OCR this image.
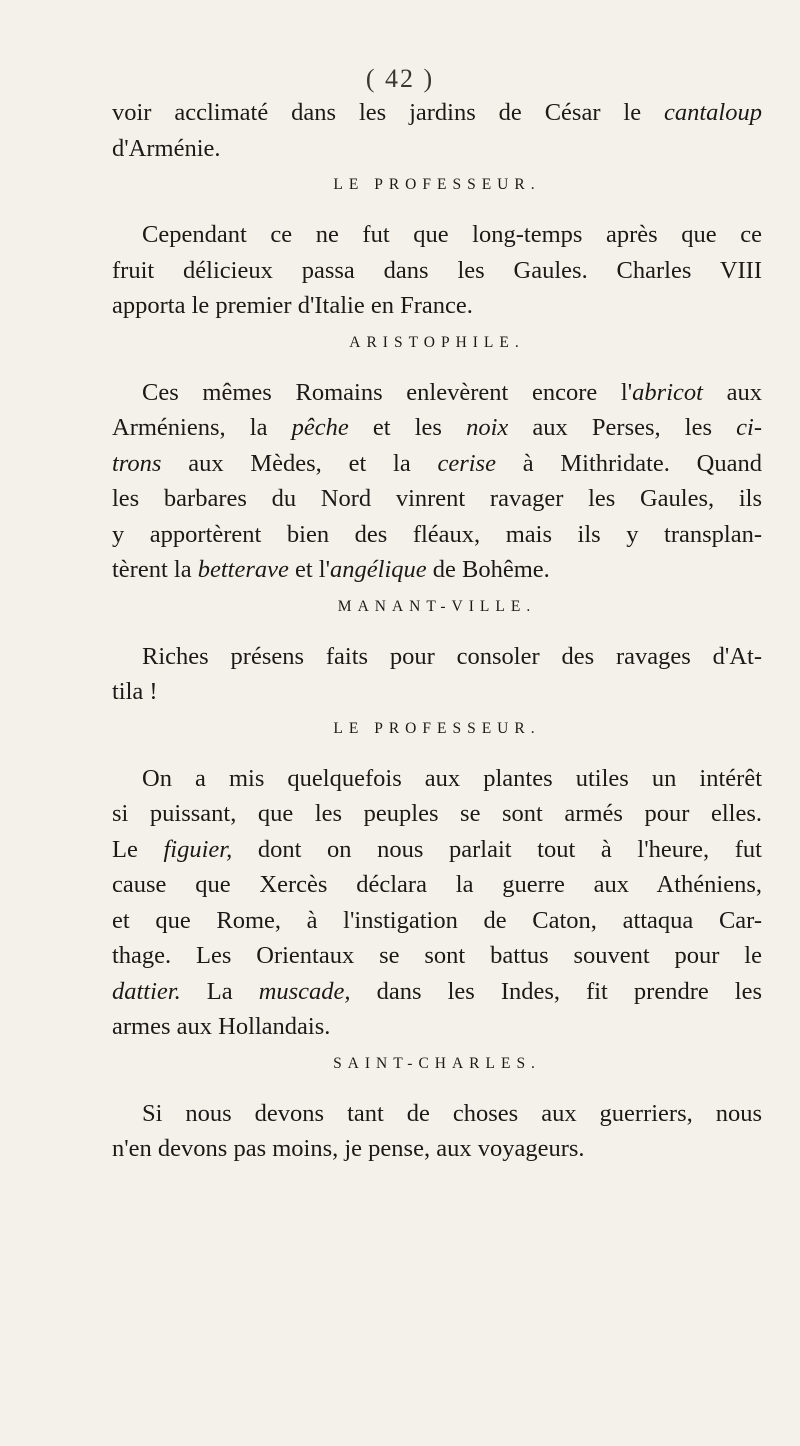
( 42 )
voir acclimaté dans les jardins de César le cantaloup
d'Arménie.
LE PROFESSEUR.
Cependant ce ne fut que long-temps après que ce
fruit délicieux passa dans les Gaules. Charles VIII
apporta le premier d'Italie en France.
ARISTOPHILE.
Ces mêmes Romains enlevèrent encore l'abricot aux
Arméniens, la pêche et les noix aux Perses, les ci-
trons aux Mèdes, et la cerise à Mithridate. Quand
les barbares du Nord vinrent ravager les Gaules, ils
y apportèrent bien des fléaux, mais ils y transplan-
tèrent la betterave et l'angélique de Bohême.
MANANT-VILLE.
Riches présens faits pour consoler des ravages d'At-
tila !
LE PROFESSEUR.
On a mis quelquefois aux plantes utiles un intérêt
si puissant, que les peuples se sont armés pour elles.
Le figuier, dont on nous parlait tout à l'heure, fut
cause que Xercès déclara la guerre aux Athéniens,
et que Rome, à l'instigation de Caton, attaqua Car-
thage. Les Orientaux se sont battus souvent pour le
dattier. La muscade, dans les Indes, fit prendre les
armes aux Hollandais.
SAINT-CHARLES.
Si nous devons tant de choses aux guerriers, nous
n'en devons pas moins, je pense, aux voyageurs.
